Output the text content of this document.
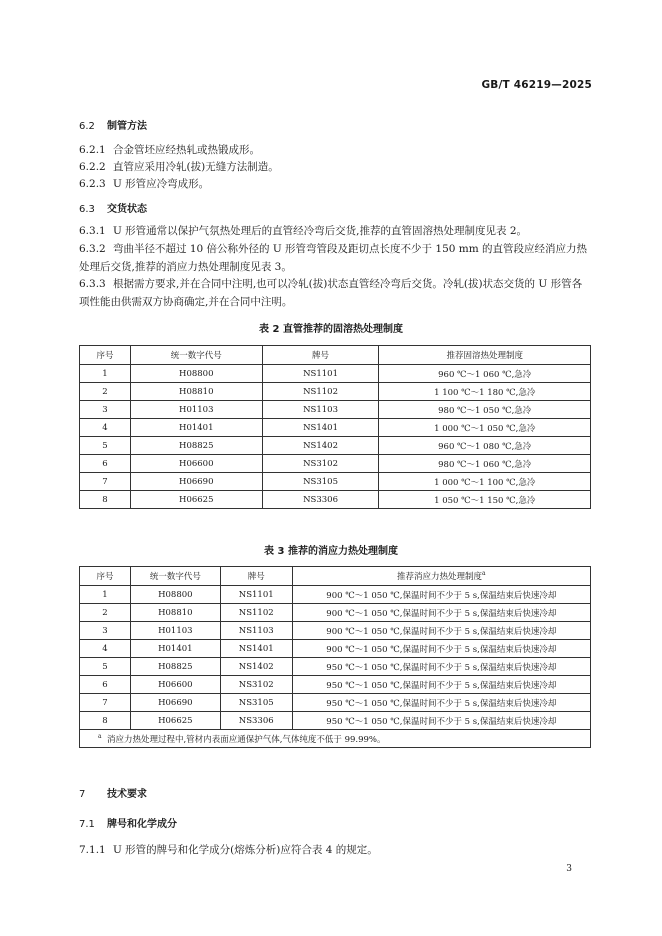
GB/T 46219—2025
6.2 制管方法
6.2.1 合金管坯应经热轧或热锻成形。
6.2.2 直管应采用冷轧(拔)无缝方法制造。
6.2.3 U 形管应冷弯成形。
6.3 交货状态
6.3.1 U 形管通常以保护气氛热处理后的直管经冷弯后交货,推荐的直管固溶热处理制度见表 2。
6.3.2 弯曲半径不超过 10 倍公称外径的 U 形管弯管段及距切点长度不少于 150 mm 的直管段应经消应力热处理后交货,推荐的消应力热处理制度见表 3。
6.3.3 根据需方要求,并在合同中注明,也可以冷轧(拔)状态直管经冷弯后交货。冷轧(拔)状态交货的 U 形管各项性能由供需双方协商确定,并在合同中注明。
表 2 直管推荐的固溶热处理制度
序号	统一数字代号	牌号	推荐固溶热处理制度
1	H08800	NS1101	960 ℃～1 060 ℃,急冷
2	H08810	NS1102	1 100 ℃～1 180 ℃,急冷
3	H01103	NS1103	980 ℃～1 050 ℃,急冷
4	H01401	NS1401	1 000 ℃～1 050 ℃,急冷
5	H08825	NS1402	960 ℃～1 080 ℃,急冷
6	H06600	NS3102	980 ℃～1 060 ℃,急冷
7	H06690	NS3105	1 000 ℃～1 100 ℃,急冷
8	H06625	NS3306	1 050 ℃～1 150 ℃,急冷
表 3 推荐的消应力热处理制度
序号	统一数字代号	牌号	推荐消应力热处理制度$^a$
1	H08800	NS1101	900 ℃～1 050 ℃,保温时间不少于 5 s,保温结束后快速冷却
2	H08810	NS1102	900 ℃～1 050 ℃,保温时间不少于 5 s,保温结束后快速冷却
3	H01103	NS1103	900 ℃～1 050 ℃,保温时间不少于 5 s,保温结束后快速冷却
4	H01401	NS1401	900 ℃～1 050 ℃,保温时间不少于 5 s,保温结束后快速冷却
5	H08825	NS1402	950 ℃～1 050 ℃,保温时间不少于 5 s,保温结束后快速冷却
6	H06600	NS3102	950 ℃～1 050 ℃,保温时间不少于 5 s,保温结束后快速冷却
7	H06690	NS3105	950 ℃～1 050 ℃,保温时间不少于 5 s,保温结束后快速冷却
8	H06625	NS3306	950 ℃～1 050 ℃,保温时间不少于 5 s,保温结束后快速冷却
$^a$ 消应力热处理过程中,管材内表面应通保护气体,气体纯度不低于 99.99%。			
7 技术要求
7.1 牌号和化学成分
7.1.1 U 形管的牌号和化学成分(熔炼分析)应符合表 4 的规定。
3
